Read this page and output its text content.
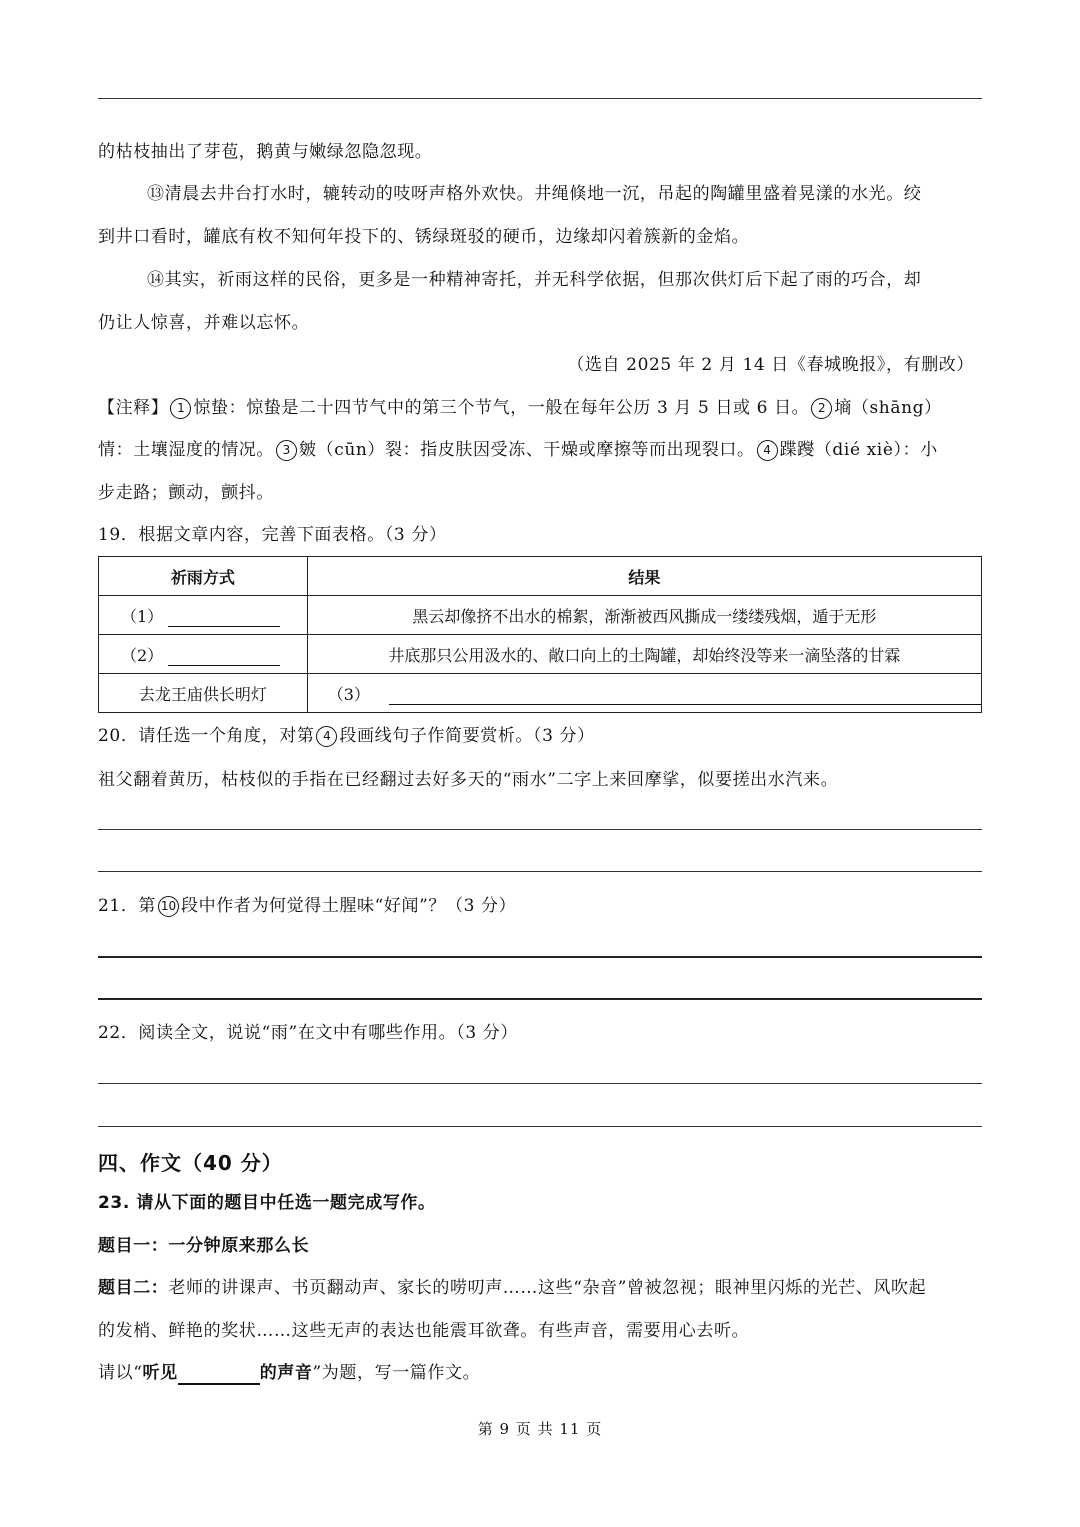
的枯枝抽出了芽苞，鹅黄与嫩绿忽隐忽现。
⑬清晨去井台打水时，辘转动的吱呀声格外欢快。井绳倏地一沉，吊起的陶罐里盛着晃漾的水光。绞
到井口看时，罐底有枚不知何年投下的、锈绿斑驳的硬币，边缘却闪着簇新的金焰。
⑭其实，祈雨这样的民俗，更多是一种精神寄托，并无科学依据，但那次供灯后下起了雨的巧合，却
仍让人惊喜，并难以忘怀。
（选自 2025 年 2 月 14 日《春城晚报》，有删改）
【注释】 1 惊蛰：惊蛰是二十四节气中的第三个节气，一般在每年公历 3 月 5 日或 6 日。 2 墒（shāng）
情：土壤湿度的情况。 3 皴（cūn）裂：指皮肤因受冻、干燥或摩擦等而出现裂口。 4 蹀躞（dié xiè）：小
步走路；颤动，颤抖。
19．根据文章内容，完善下面表格。（3 分）
祈雨方式	结果
（1）	黑云却像挤不出水的棉絮，渐渐被西风撕成一缕缕残烟，遁于无形
（2）	井底那只公用汲水的、敞口向上的土陶罐，却始终没等来一滴坠落的甘霖
去龙王庙供长明灯	（3）
20．请任选一个角度，对第 4 段画线句子作简要赏析。（3 分）
祖父翻着黄历，枯枝似的手指在已经翻过去好多天的“雨水”二字上来回摩挲，似要搓出水汽来。
21．第 10 段中作者为何觉得土腥味“好闻”？（3 分）
22．阅读全文，说说“雨”在文中有哪些作用。（3 分）
四、作文（40 分）
23. 请从下面的题目中任选一题完成写作。
题目一：一分钟原来那么长
题目二：老师的讲课声、书页翻动声、家长的唠叨声……这些“杂音”曾被忽视；眼神里闪烁的光芒、风吹起
的发梢、鲜艳的奖状……这些无声的表达也能震耳欲聋。有些声音，需要用心去听。
请以“听见	的声音”为题，写一篇作文。
第 9 页 共 11 页
